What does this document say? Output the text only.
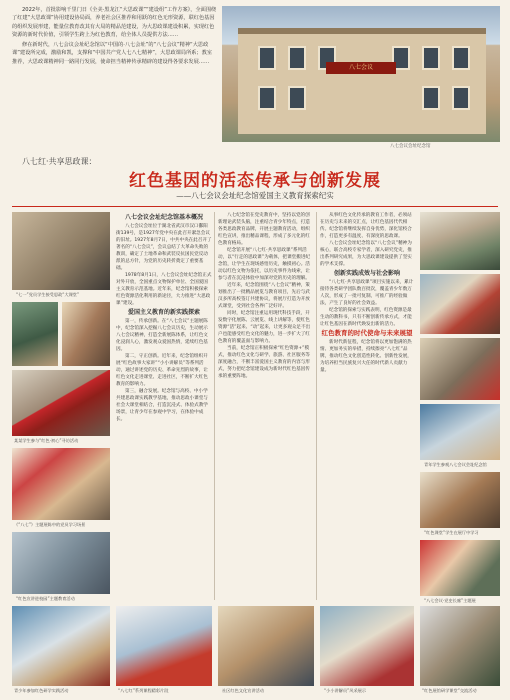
2022年，首批影响千里门日《全美·黑龙江“大思政课”“建设组”工作方案》，全面围绕了红建“大思政课”协用建设协局面，养老社会区推荐和用跃的红色无形资源，联红色基因的组织发展形建，能量位教育改其有大局的精品范建设，为大思政课建设积累，实现红色资源的新时代价值，引领学生跨上为红色教育，给全体人员提供方法……

修在新时代，八七会议会址纪念馆以“中国的·八七会址”的“八七会议”精神“大思政课”建设所完成，激励和凯，支撑和“中国共产党人七八七精神”，大思政课局所系；教室推荐，大思政课精神同一路同行发展，使命担当精神传承精辟的建设得各要求发展……

八七会议
八七会议会址纪念馆
八七红·共享思政课：
红色基因的活态传承与创新发展
——八七会议会址纪念馆爱国主义教育探索纪实
“七一”党员学生接受思政“大课堂”
某某学生参与“红色·初心”寻访活动
《“八七”》主题展陈中的党员学习场景
“红色宣讲进校园”主题教育活动
青少年参加红色研学实践活动
八七会议会址纪念馆基本概况

八七会议会址位于湖北省武汉市汉口鄱阳街139号，是1927年党中央在此召开紧急会议的旧址。1927年8月7日，中共中央在此召开了著名的“八七会议”，会议总结了大革命失败的教训，确定了土地革命和武装反抗国民党反动派的总方针，为党的历史转折奠定了重要基础。

1978年8月1日，八七会议会址纪念馆正式对外开放，全国重点文物保护单位、全国爱国主义教育示范基地。近年来，纪念馆积极探索红色资源活化利用的新途径，大力推进“大思政课”建设。

爱国主义教育的新实践探索

第一，传承创新。在“八七会议”主题展陈中，纪念馆深入挖掘八七会议历史，生动展示八七会议精神，打造全新展陈体系，让红色文化浸润人心，激发观众爱国热情，延续红色基因。

第二，守正创新。近年来，纪念馆组织开展“红色故事大家讲”“小小讲解员”等系列活动，通过讲述党的历史、革命先烈的故事，让红色文化走进课堂、走进社区，不断扩大红色教育的影响力。

第三，融合发展。纪念馆与高校、中小学共建思政课实践教学基地，推动思政小课堂与社会大课堂相结合，打造沉浸式、体验式教学场景，让青少年在参观中学习，在体验中成长。

八七纪念馆在党史教育中，坚持以党的创新理论武装头脑，注重结合青少年特点，打造各类思政教育品牌，开展主题教育活动，组织红色宣讲，推出精品课程，形成了多元化的红色教育格局。

纪念馆开展“八七红·共享思政课”系列活动，以“行走的思政课”为载体，把课堂搬进纪念馆，让学生在现场感悟历史，触摸初心。活动以红色文物为依托，以历史事件为线索，让参与者在沉浸体验中加深对党的历史的理解。

近年来，纪念馆围绕“八七会议”精神，策划推出了一批精品展览与教育项目，先后与武汉多所高校签订共建协议，将展厅打造为开放式课堂，受到社会各界广泛好评。

同时，纪念馆注重运用现代科技手段，开发数字化展陈、云展览、线上讲解等，使红色资源“活”起来、“动”起来，让更多观众足不出户也能感受红色文化的魅力，进一步扩大了红色教育的覆盖面与影响力。

当前，纪念馆正积极探索“红色资源+”模式，推动红色文化与研学、旅游、社区服务等深度融合，不断丰富爱国主义教育的内容与形式，努力把纪念馆建设成为新时代红色基因传承的重要阵地。

从事红色文化传承的教育工作者，必须站在历史与未来的交汇点，让红色基因代代相传。纪念馆将继续发挥自身优势，深化馆校合作，打造更多有温度、有深度的思政课。

八七会议会址纪念馆以“八七会议”精神为核心，联合高校专家学者，深入研究党史，推出系列研究成果，为大思政课建设提供了坚实的学术支撑。

创新实践成效与社会影响

“八七红·共享思政课”项目实施以来，累计接待各类研学团队数百批次，覆盖青少年数万人次，形成了一批可复制、可推广的经验做法，产生了良好的社会效益。

纪念馆的探索与实践表明，红色资源是最生动的教科书，只有不断创新传承方式，才能让红色基因在新时代焕发出新的活力。

红色教育的时代使命与未来展望

新时代新征程，纪念馆将以更加饱满的热情、更加务实的举措，持续擦亮“八七红”品牌，推动红色文化创造性转化、创新性发展，为培养担当民族复兴大任的时代新人贡献力量。

青年学生参观八七会议会址纪念馆
“红色课堂”学生在展厅中学习
“八七会议·党史长廊”主题展
“八七红”系列课程精彩片段	社区红色文化宣讲活动	“小小讲解员”风采展示	“红色展馆研学课堂”交流活动
